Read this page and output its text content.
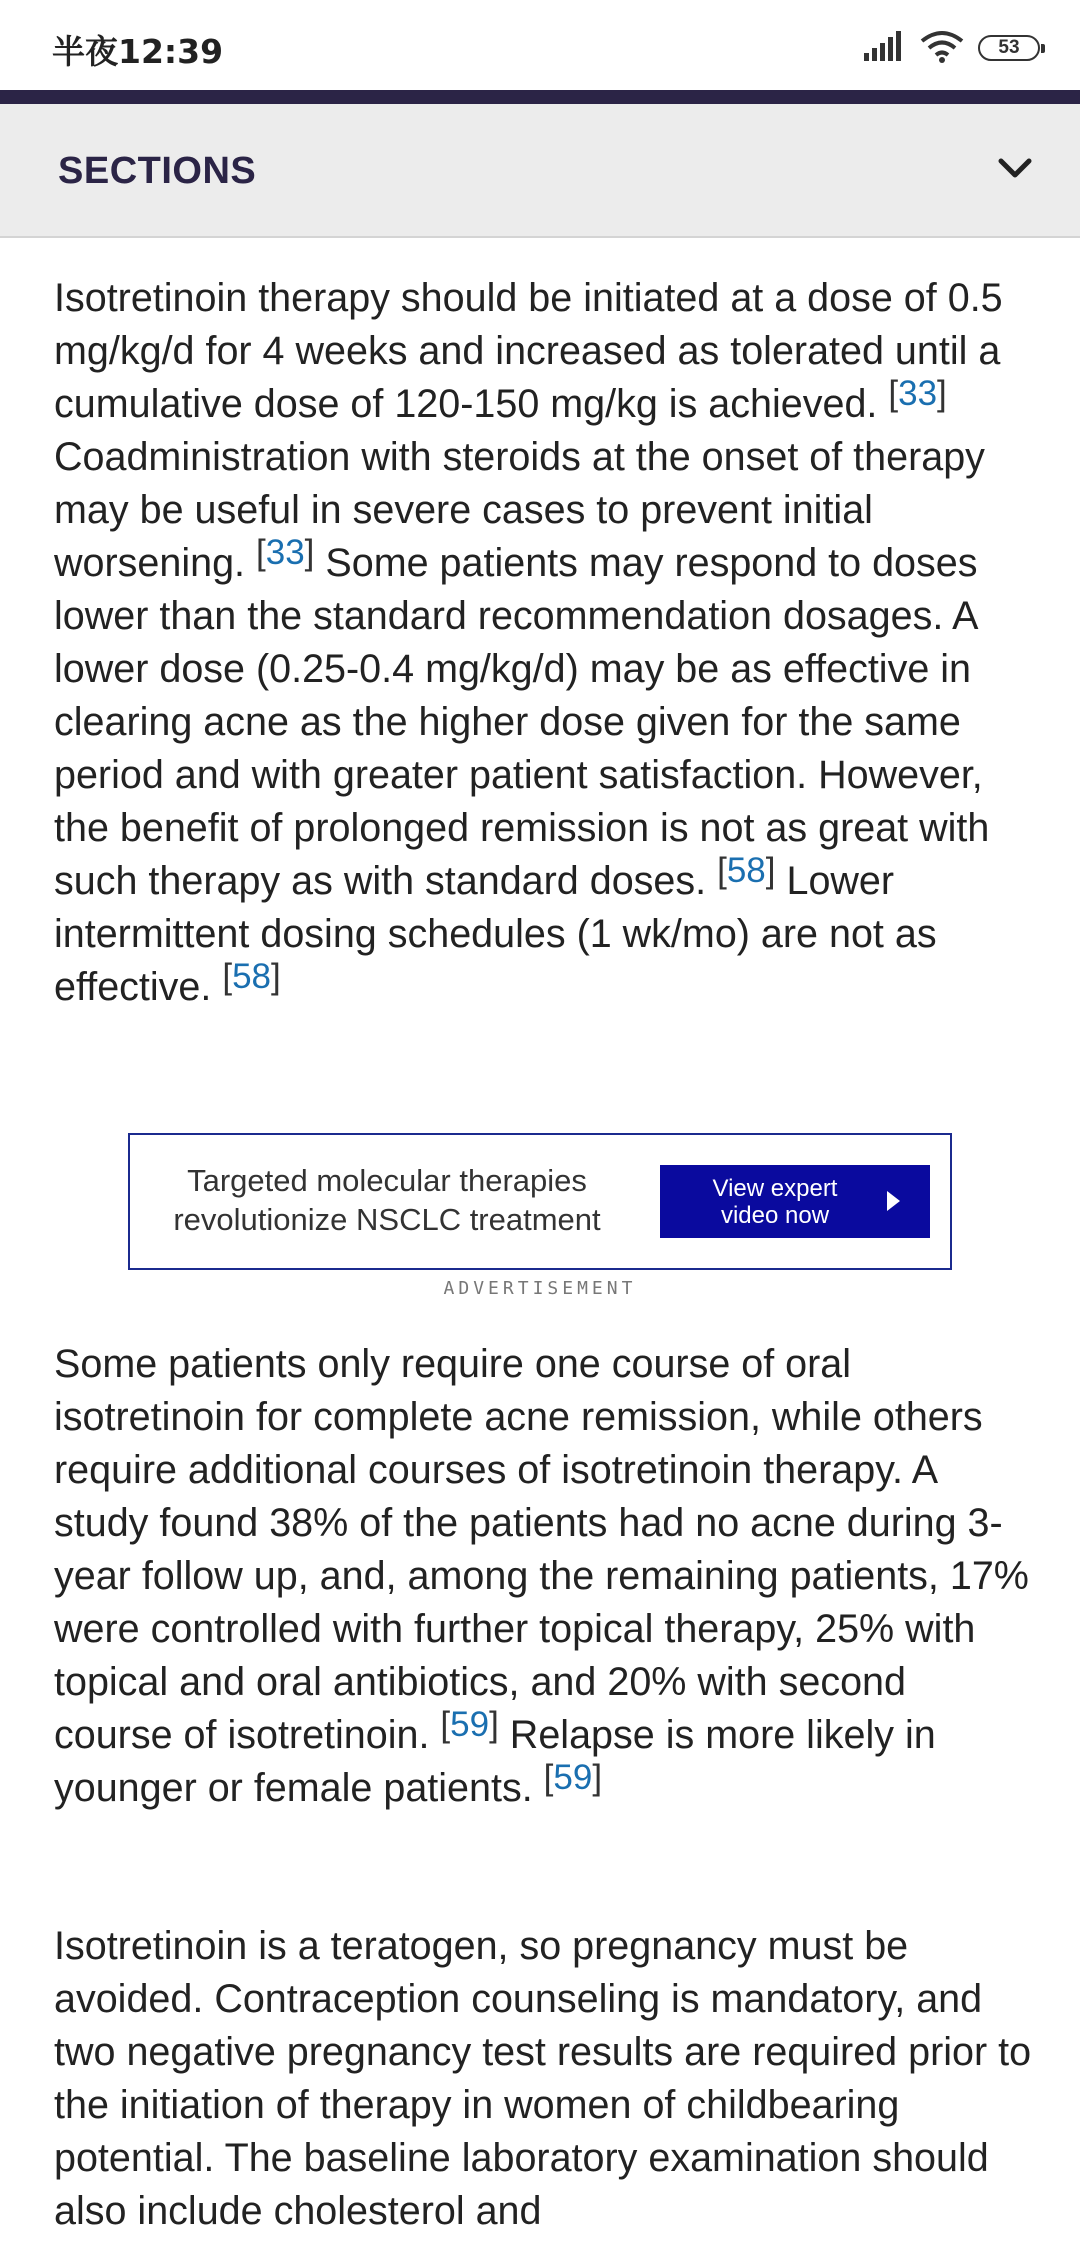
半夜12:39	53
SECTIONS

Isotretinoin therapy should be initiated at a dose of 0.5 mg/kg/d for 4 weeks and increased as tolerated until a cumulative dose of 120-150 mg/kg is achieved. [33] Coadministration with steroids at the onset of therapy may be useful in severe cases to prevent initial worsening. [33] Some patients may respond to doses lower than the standard recommendation dosages. A lower dose (0.25-0.4 mg/kg/d) may be as effective in clearing acne as the higher dose given for the same period and with greater patient satisfaction. However, the benefit of prolonged remission is not as great with such therapy as with standard doses. [58] Lower intermittent dosing schedules (1 wk/mo) are not as effective. [58]

Some patients only require one course of oral isotretinoin for complete acne remission, while others require additional courses of isotretinoin therapy. A study found 38% of the patients had no acne during 3-year follow up, and, among the remaining patients, 17% were controlled with further topical therapy, 25% with topical and oral antibiotics, and 20% with second course of isotretinoin. [59] Relapse is more likely in younger or female patients. [59]

Isotretinoin is a teratogen, so pregnancy must be avoided. Contraception counseling is mandatory, and two negative pregnancy test results are required prior to the initiation of therapy in women of childbearing potential. The baseline laboratory examination should also include cholesterol and

Targeted molecular therapies
revolutionize NSCLC treatment
View expert
video now
ADVERTISEMENT
